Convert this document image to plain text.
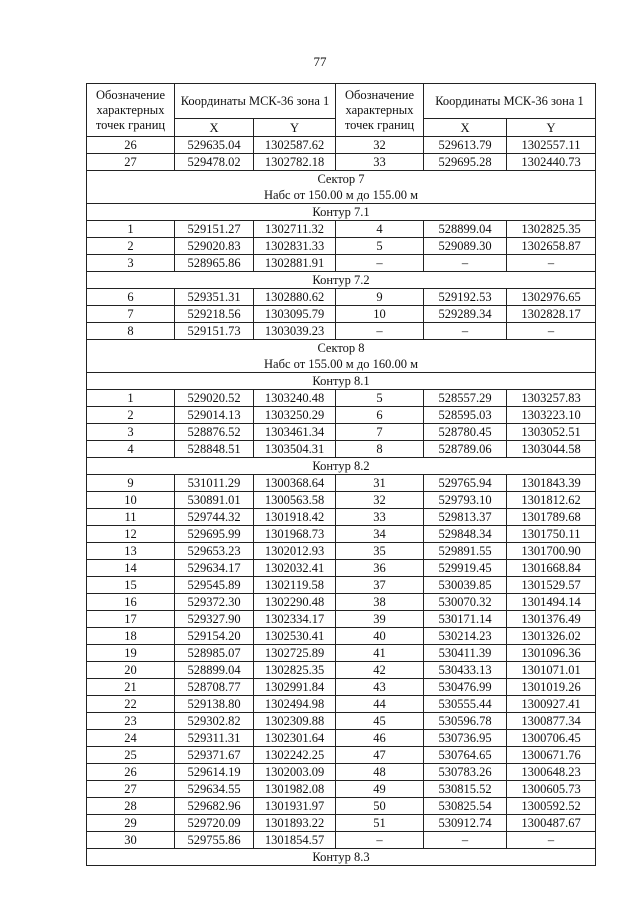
77
Обозначение характерных точек границ	Координаты МСК-36 зона 1		Обозначение характерных точек границ	Координаты МСК-36 зона 1	
	X	Y		X	Y
26	529635.04	1302587.62	32	529613.79	1302557.11
27	529478.02	1302782.18	33	529695.28	1302440.73
Сектор 7					
Набс от 150.00 м до 155.00 м					
Контур 7.1					
1	529151.27	1302711.32	4	528899.04	1302825.35
2	529020.83	1302831.33	5	529089.30	1302658.87
3	528965.86	1302881.91	–	–	–
Контур 7.2					
6	529351.31	1302880.62	9	529192.53	1302976.65
7	529218.56	1303095.79	10	529289.34	1302828.17
8	529151.73	1303039.23	–	–	–
Сектор 8					
Набс от 155.00 м до 160.00 м					
Контур 8.1					
1	529020.52	1303240.48	5	528557.29	1303257.83
2	529014.13	1303250.29	6	528595.03	1303223.10
3	528876.52	1303461.34	7	528780.45	1303052.51
4	528848.51	1303504.31	8	528789.06	1303044.58
Контур 8.2					
9	531011.29	1300368.64	31	529765.94	1301843.39
10	530891.01	1300563.58	32	529793.10	1301812.62
11	529744.32	1301918.42	33	529813.37	1301789.68
12	529695.99	1301968.73	34	529848.34	1301750.11
13	529653.23	1302012.93	35	529891.55	1301700.90
14	529634.17	1302032.41	36	529919.45	1301668.84
15	529545.89	1302119.58	37	530039.85	1301529.57
16	529372.30	1302290.48	38	530070.32	1301494.14
17	529327.90	1302334.17	39	530171.14	1301376.49
18	529154.20	1302530.41	40	530214.23	1301326.02
19	528985.07	1302725.89	41	530411.39	1301096.36
20	528899.04	1302825.35	42	530433.13	1301071.01
21	528708.77	1302991.84	43	530476.99	1301019.26
22	529138.80	1302494.98	44	530555.44	1300927.41
23	529302.82	1302309.88	45	530596.78	1300877.34
24	529311.31	1302301.64	46	530736.95	1300706.45
25	529371.67	1302242.25	47	530764.65	1300671.76
26	529614.19	1302003.09	48	530783.26	1300648.23
27	529634.55	1301982.08	49	530815.52	1300605.73
28	529682.96	1301931.97	50	530825.54	1300592.52
29	529720.09	1301893.22	51	530912.74	1300487.67
30	529755.86	1301854.57	–	–	–
Контур 8.3					
